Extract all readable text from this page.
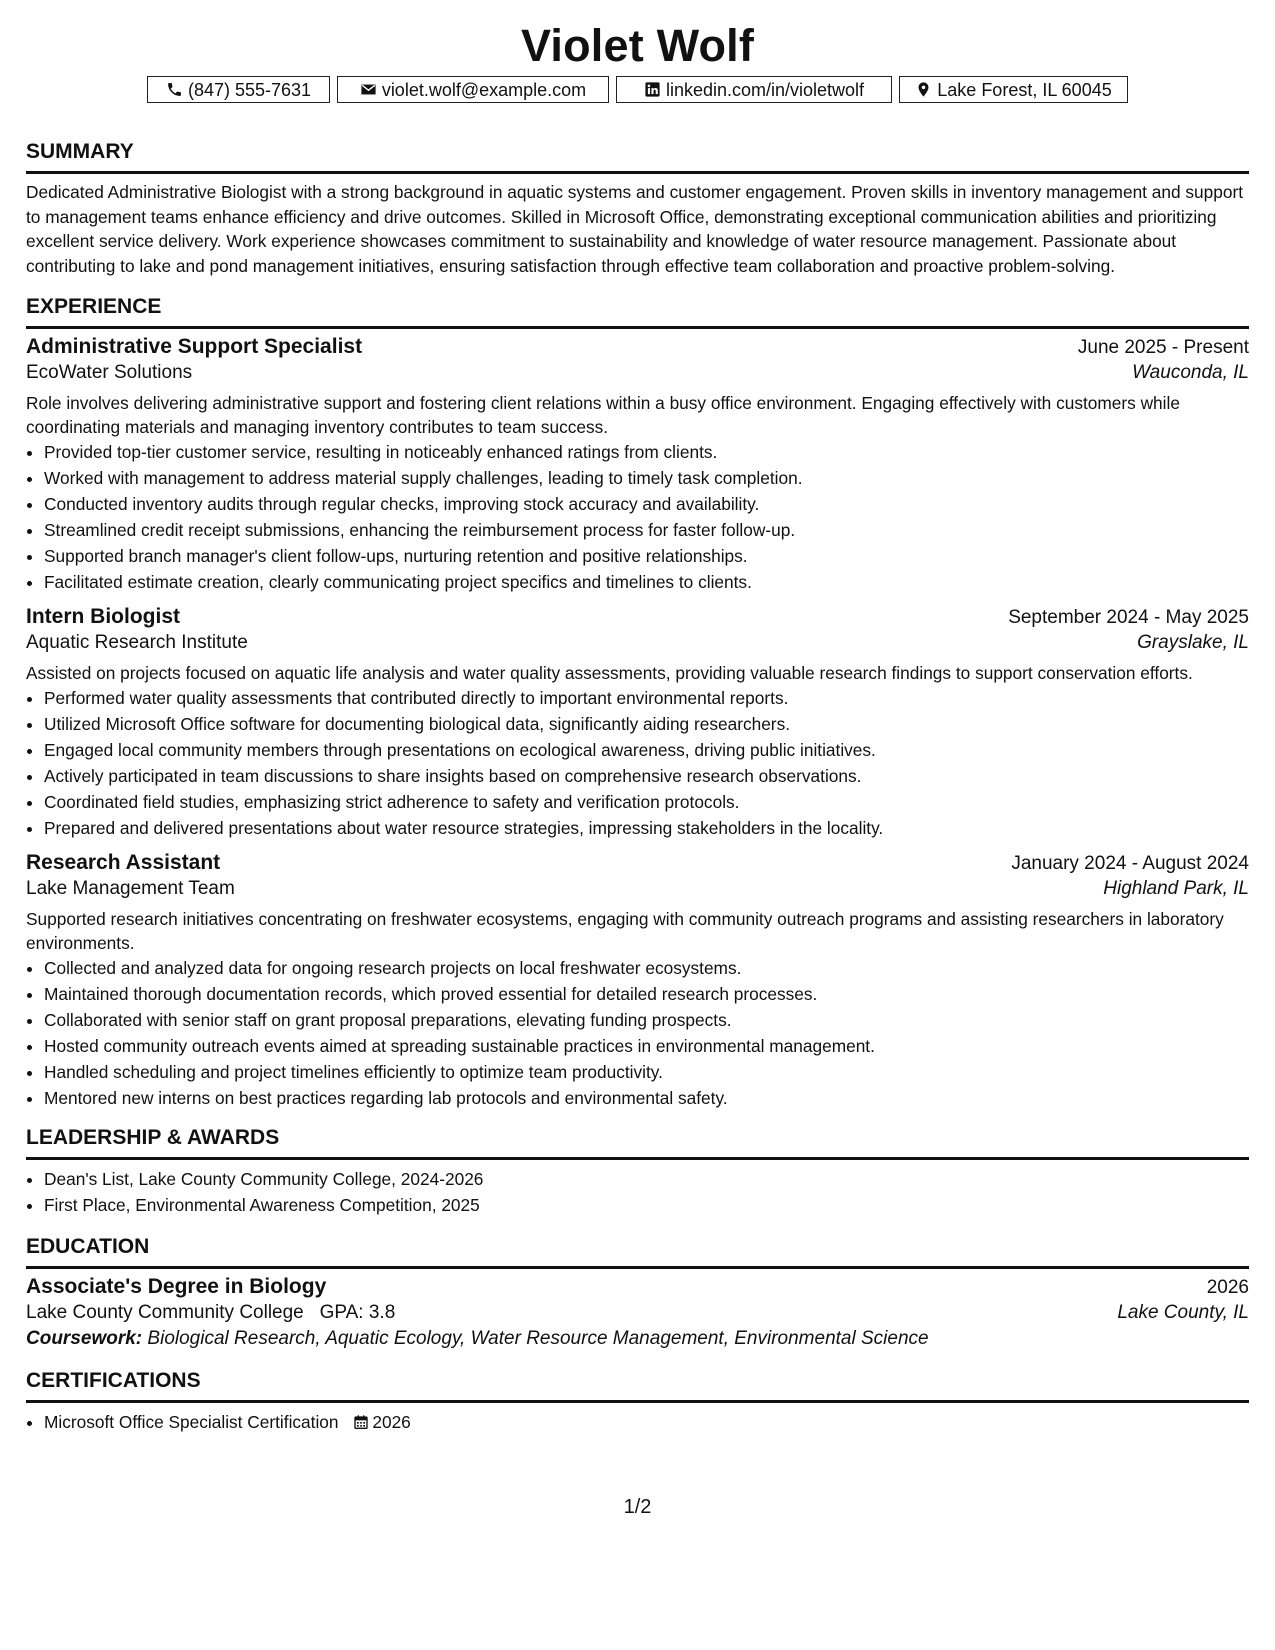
Violet Wolf
(847) 555-7631	violet.wolf@example.com	linkedin.com/in/violetwolf	Lake Forest, IL 60045
SUMMARY

Dedicated Administrative Biologist with a strong background in aquatic systems and customer engagement. Proven skills in inventory management and support to management teams enhance efficiency and drive outcomes. Skilled in Microsoft Office, demonstrating exceptional communication abilities and prioritizing excellent service delivery. Work experience showcases commitment to sustainability and knowledge of water resource management. Passionate about contributing to lake and pond management initiatives, ensuring satisfaction through effective team collaboration and proactive problem-solving.

EXPERIENCE
Administrative Support Specialist	June 2025 - Present
EcoWater Solutions	Wauconda, IL

Role involves delivering administrative support and fostering client relations within a busy office environment. Engaging effectively with customers while coordinating materials and managing inventory contributes to team success.

• Provided top-tier customer service, resulting in noticeably enhanced ratings from clients.
• Worked with management to address material supply challenges, leading to timely task completion.
• Conducted inventory audits through regular checks, improving stock accuracy and availability.
• Streamlined credit receipt submissions, enhancing the reimbursement process for faster follow-up.
• Supported branch manager's client follow-ups, nurturing retention and positive relationships.
• Facilitated estimate creation, clearly communicating project specifics and timelines to clients.
Intern Biologist	September 2024 - May 2025
Aquatic Research Institute	Grayslake, IL

Assisted on projects focused on aquatic life analysis and water quality assessments, providing valuable research findings to support conservation efforts.

• Performed water quality assessments that contributed directly to important environmental reports.
• Utilized Microsoft Office software for documenting biological data, significantly aiding researchers.
• Engaged local community members through presentations on ecological awareness, driving public initiatives.
• Actively participated in team discussions to share insights based on comprehensive research observations.
• Coordinated field studies, emphasizing strict adherence to safety and verification protocols.
• Prepared and delivered presentations about water resource strategies, impressing stakeholders in the locality.
Research Assistant	January 2024 - August 2024
Lake Management Team	Highland Park, IL

Supported research initiatives concentrating on freshwater ecosystems, engaging with community outreach programs and assisting researchers in laboratory environments.

• Collected and analyzed data for ongoing research projects on local freshwater ecosystems.
• Maintained thorough documentation records, which proved essential for detailed research processes.
• Collaborated with senior staff on grant proposal preparations, elevating funding prospects.
• Hosted community outreach events aimed at spreading sustainable practices in environmental management.
• Handled scheduling and project timelines efficiently to optimize team productivity.
• Mentored new interns on best practices regarding lab protocols and environmental safety.
LEADERSHIP & AWARDS
• Dean's List, Lake County Community College, 2024-2026
• First Place, Environmental Awareness Competition, 2025
EDUCATION
Associate's Degree in Biology	2026
Lake County Community College GPA: 3.8	Lake County, IL
Coursework: Biological Research, Aquatic Ecology, Water Resource Management, Environmental Science
CERTIFICATIONS
• Microsoft Office Specialist Certification 2026
1/2
